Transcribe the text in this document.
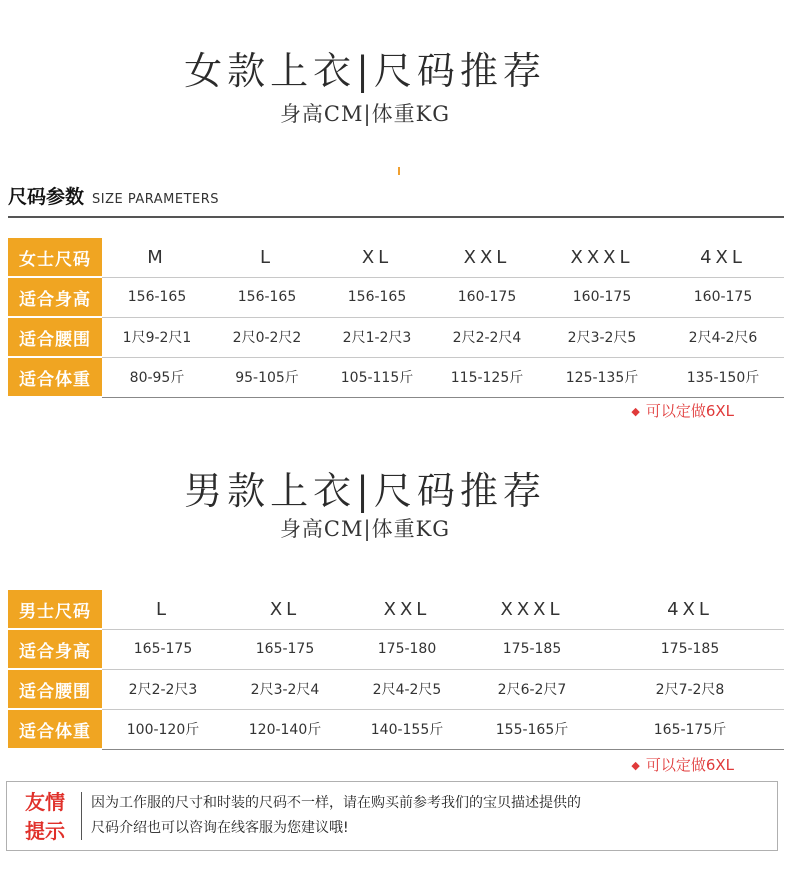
女款上衣|尺码推荐
身高CM|体重KG
尺码参数 SIZE PARAMETERS
女士尺码	M	L	XL	XXL	XXXL	4XL
适合身高	156-165	156-165	156-165	160-175	160-175	160-175
适合腰围	1尺9-2尺1	2尺0-2尺2	2尺1-2尺3	2尺2-2尺4	2尺3-2尺5	2尺4-2尺6
适合体重	80-95斤	95-105斤	105-115斤	115-125斤	125-135斤	135-150斤
◆ 可以定做6XL
男款上衣|尺码推荐
身高CM|体重KG
男士尺码	L	XL	XXL	XXXL	4XL
适合身高	165-175	165-175	175-180	175-185	175-185
适合腰围	2尺2-2尺3	2尺3-2尺4	2尺4-2尺5	2尺6-2尺7	2尺7-2尺8
适合体重	100-120斤	120-140斤	140-155斤	155-165斤	165-175斤
◆ 可以定做6XL
友情
提示
因为工作服的尺寸和时装的尺码不一样，请在购买前参考我们的宝贝描述提供的
尺码介绍也可以咨询在线客服为您建议哦!
